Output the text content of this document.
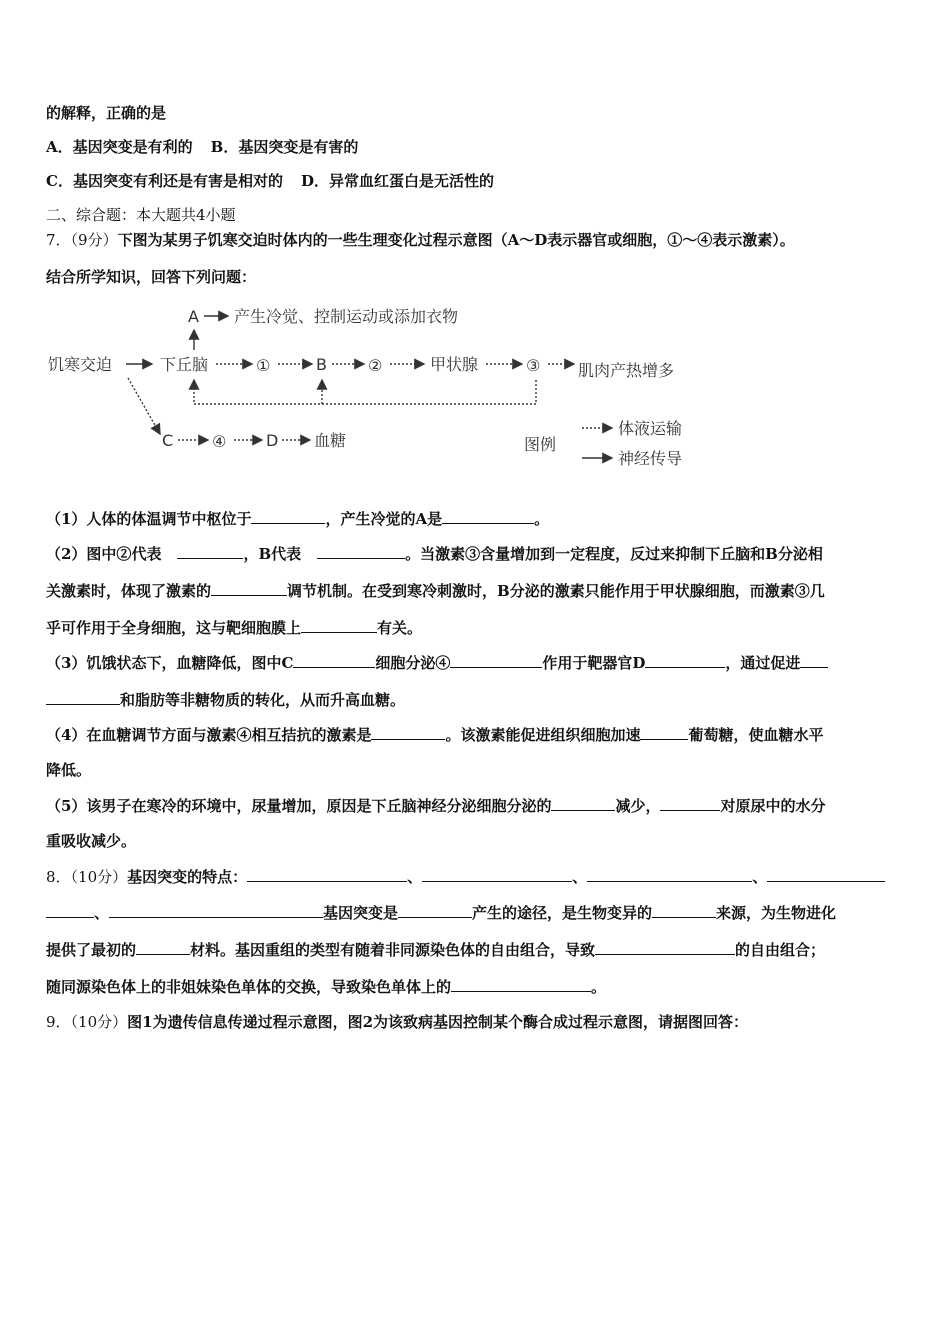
的解释，正确的是
A．基因突变是有利的 B．基因突变是有害的
C．基因突变有利还是有害是相对的 D．异常血红蛋白是无活性的
二、综合题：本大题共4小题
7．（9分）下图为某男子饥寒交迫时体内的一些生理变化过程示意图（A～D表示器官或细胞，①～④表示激素）。
结合所学知识，回答下列问题：
A 产生冷觉、控制运动或添加衣物
饥寒交迫	下丘脑	①	B	②	甲状腺	③ 肌肉产热增多
C ④ D 血糖	图例
体液运输
神经传导
（1）人体的体温调节中枢位于	，产生冷觉的A是	。
（2）图中②代表	，B代表	。当激素③含量增加到一定程度，反过来抑制下丘脑和B分泌相
关激素时，体现了激素的	调节机制。在受到寒冷刺激时，B分泌的激素只能作用于甲状腺细胞，而激素③几
乎可作用于全身细胞，这与靶细胞膜上	有关。
（3）饥饿状态下，血糖降低，图中C	细胞分泌④	作用于靶器官D	，通过促进
和脂肪等非糖物质的转化，从而升高血糖。
（4）在血糖调节方面与激素④相互拮抗的激素是	。该激素能促进组织细胞加速	葡萄糖，使血糖水平
降低。
（5）该男子在寒冷的环境中，尿量增加，原因是下丘脑神经分泌细胞分泌的	减少，	对原尿中的水分
重吸收减少。
8．（10分）基因突变的特点：	、	、	、
、	基因突变是	产生的途径，是生物变异的	来源，为生物进化
提供了最初的	材料。基因重组的类型有随着非同源染色体的自由组合，导致	的自由组合；
随同源染色体上的非姐妹染色单体的交换，导致染色单体上的	。
9．（10分）图1为遗传信息传递过程示意图，图2为该致病基因控制某个酶合成过程示意图，请据图回答：
